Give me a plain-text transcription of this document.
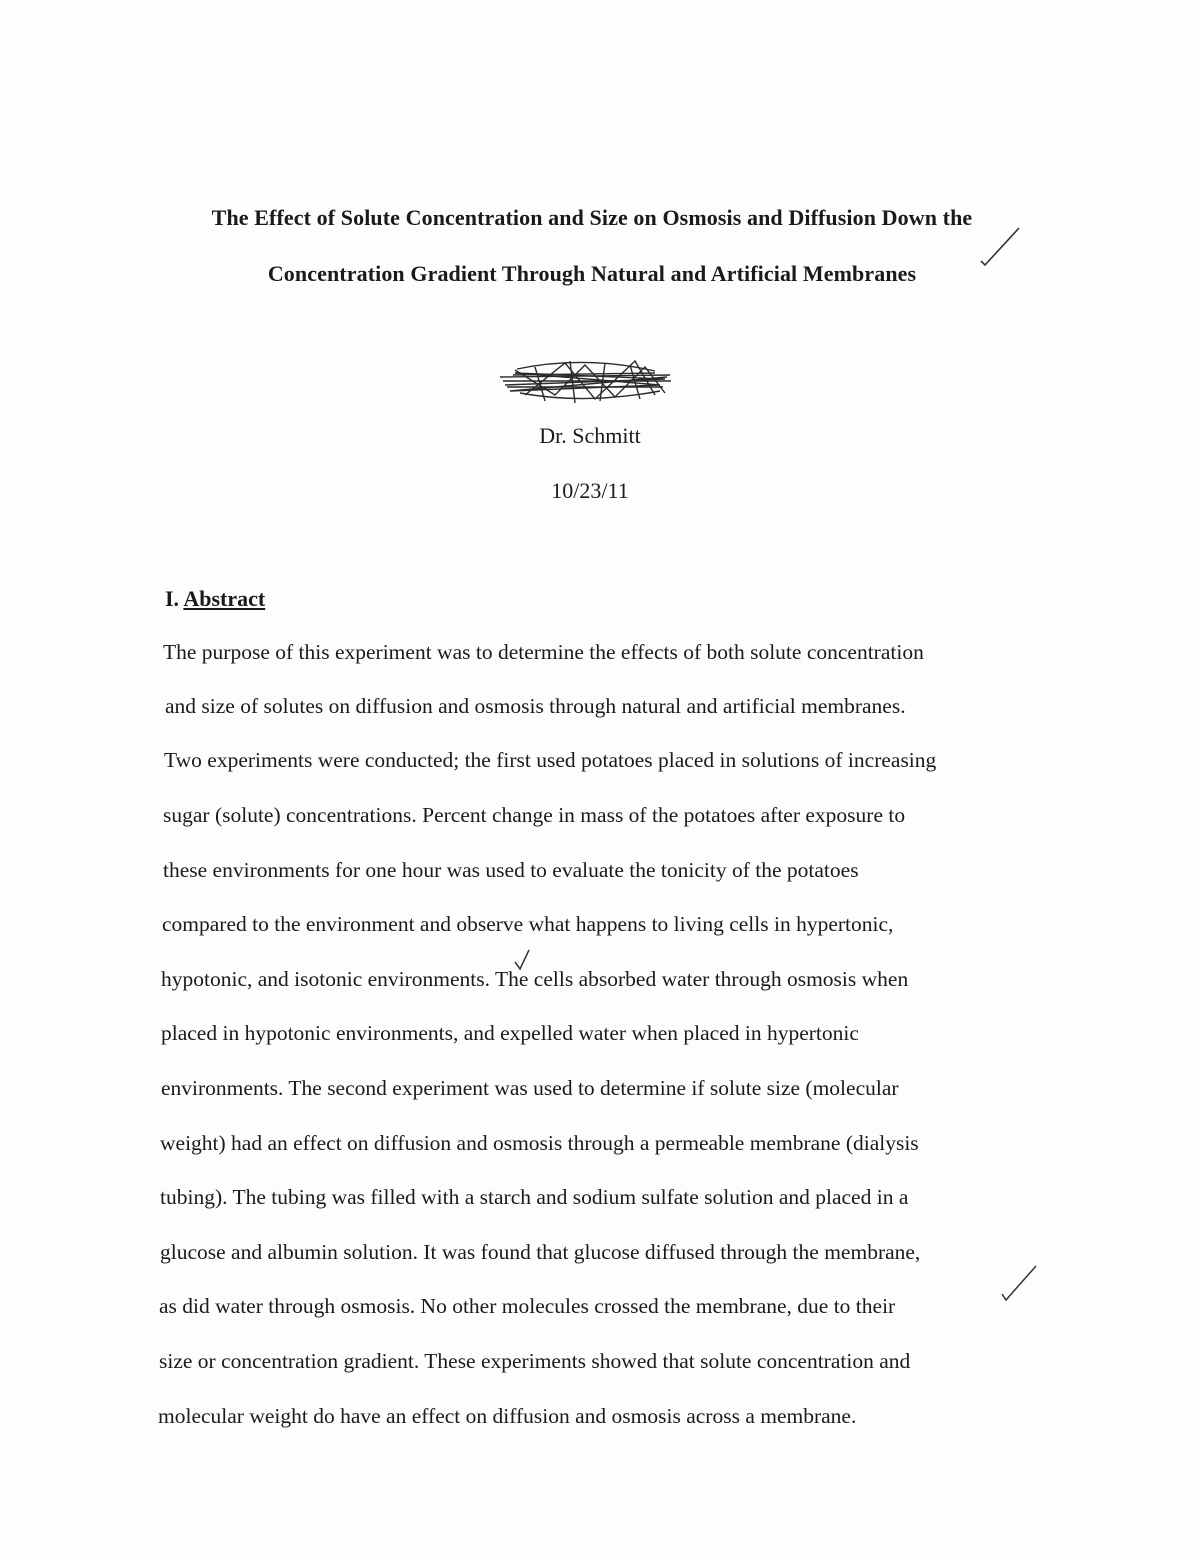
The Effect of Solute Concentration and Size on Osmosis and Diffusion Down the
Concentration Gradient Through Natural and Artificial Membranes
Dr. Schmitt
10/23/11
I. Abstract
The purpose of this experiment was to determine the effects of both solute concentration
and size of solutes on diffusion and osmosis through natural and artificial membranes.
Two experiments were conducted; the first used potatoes placed in solutions of increasing
sugar (solute) concentrations. Percent change in mass of the potatoes after exposure to
these environments for one hour was used to evaluate the tonicity of the potatoes
compared to the environment and observe what happens to living cells in hypertonic,
hypotonic, and isotonic environments. The cells absorbed water through osmosis when
placed in hypotonic environments, and expelled water when placed in hypertonic
environments. The second experiment was used to determine if solute size (molecular
weight) had an effect on diffusion and osmosis through a permeable membrane (dialysis
tubing). The tubing was filled with a starch and sodium sulfate solution and placed in a
glucose and albumin solution. It was found that glucose diffused through the membrane,
as did water through osmosis. No other molecules crossed the membrane, due to their
size or concentration gradient. These experiments showed that solute concentration and
molecular weight do have an effect on diffusion and osmosis across a membrane.
